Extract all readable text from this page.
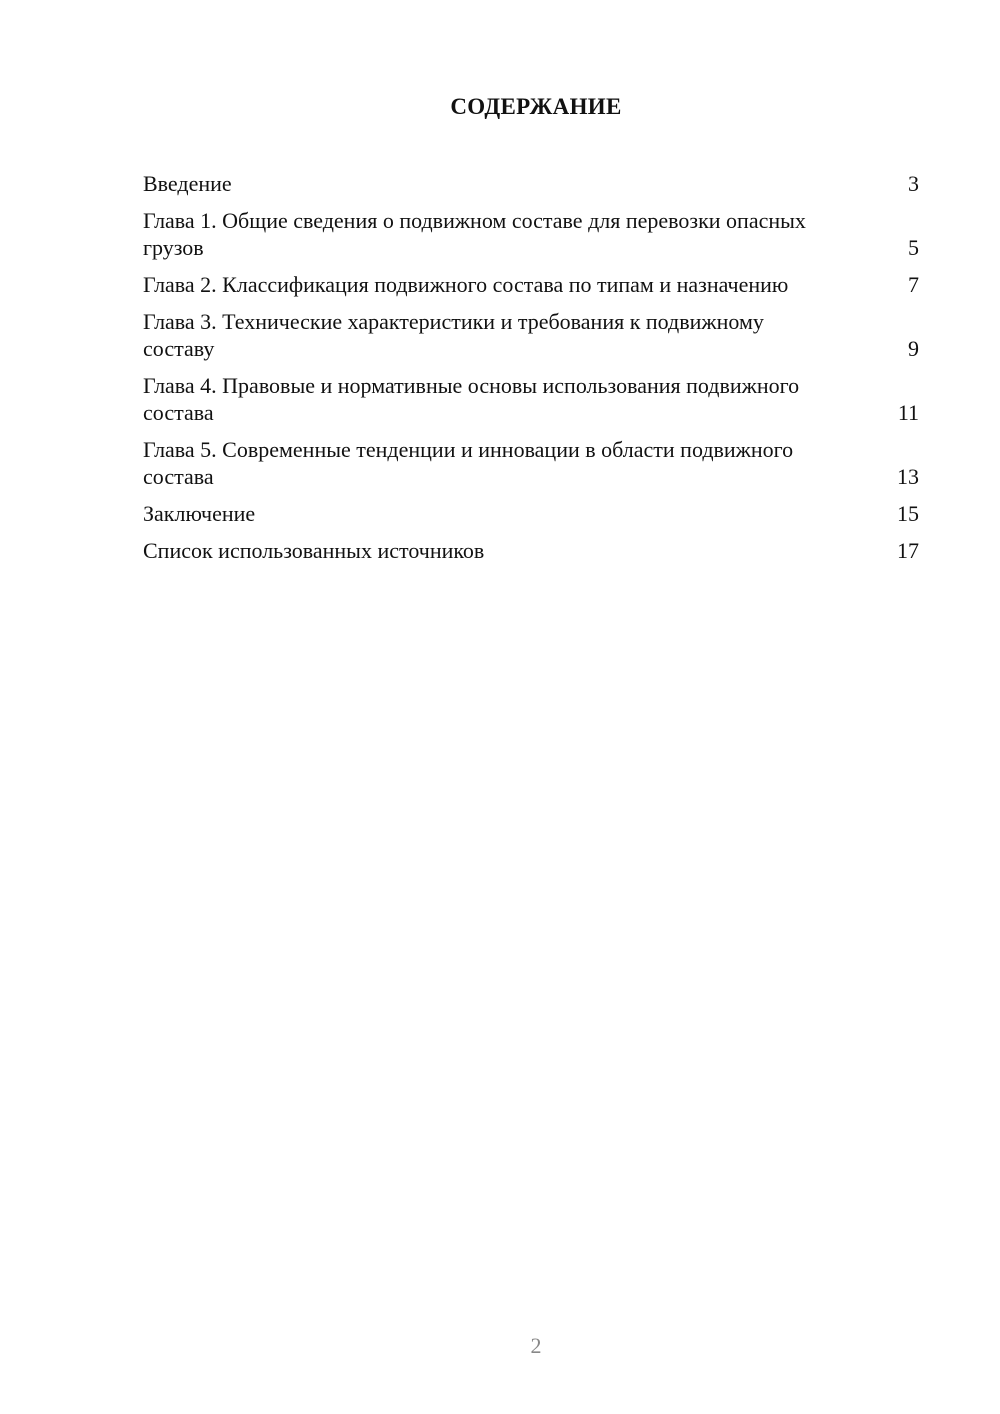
СОДЕРЖАНИЕ
Введение	3
Глава 1. Общие сведения о подвижном составе для перевозки опасных грузов	5
Глава 2. Классификация подвижного состава по типам и назначению	7
Глава 3. Технические характеристики и требования к подвижному составу	9
Глава 4. Правовые и нормативные основы использования подвижного состава	11
Глава 5. Современные тенденции и инновации в области подвижного состава	13
Заключение	15
Список использованных источников	17
2
